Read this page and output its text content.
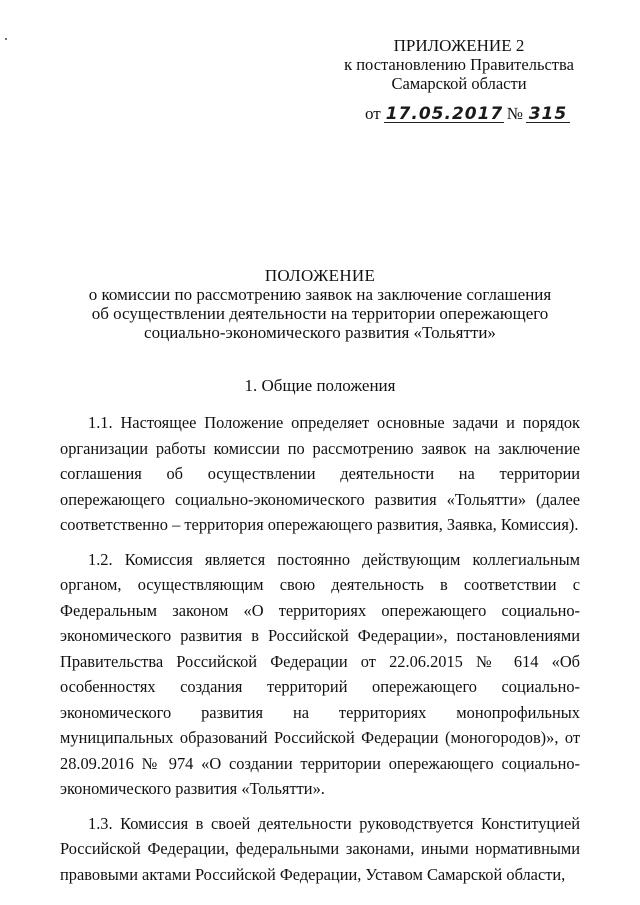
ПРИЛОЖЕНИЕ 2
к постановлению Правительства
Самарской области
от 17.05.2017 № 315
ПОЛОЖЕНИЕ
о комиссии по рассмотрению заявок на заключение соглашения
об осуществлении деятельности на территории опережающего
социально-экономического развития «Тольятти»
1. Общие положения

1.1. Настоящее Положение определяет основные задачи и порядок организации работы комиссии по рассмотрению заявок на заключение соглашения об осуществлении деятельности на территории опережающего социально-экономического развития «Тольятти» (далее соответственно – территория опережающего развития, Заявка, Комиссия).

1.2. Комиссия является постоянно действующим коллегиальным органом, осуществляющим свою деятельность в соответствии с Федеральным законом «О территориях опережающего социально-экономического развития в Российской Федерации», постановлениями Правительства Российской Федерации от 22.06.2015 № 614 «Об особенностях создания территорий опережающего социально-экономического развития на территориях монопрофильных муниципальных образований Российской Федерации (моногородов)», от 28.09.2016 № 974 «О создании территории опережающего социально-экономического развития «Тольятти».

1.3. Комиссия в своей деятельности руководствуется Конституцией Российской Федерации, федеральными законами, иными нормативными правовыми актами Российской Федерации, Уставом Самарской области,
